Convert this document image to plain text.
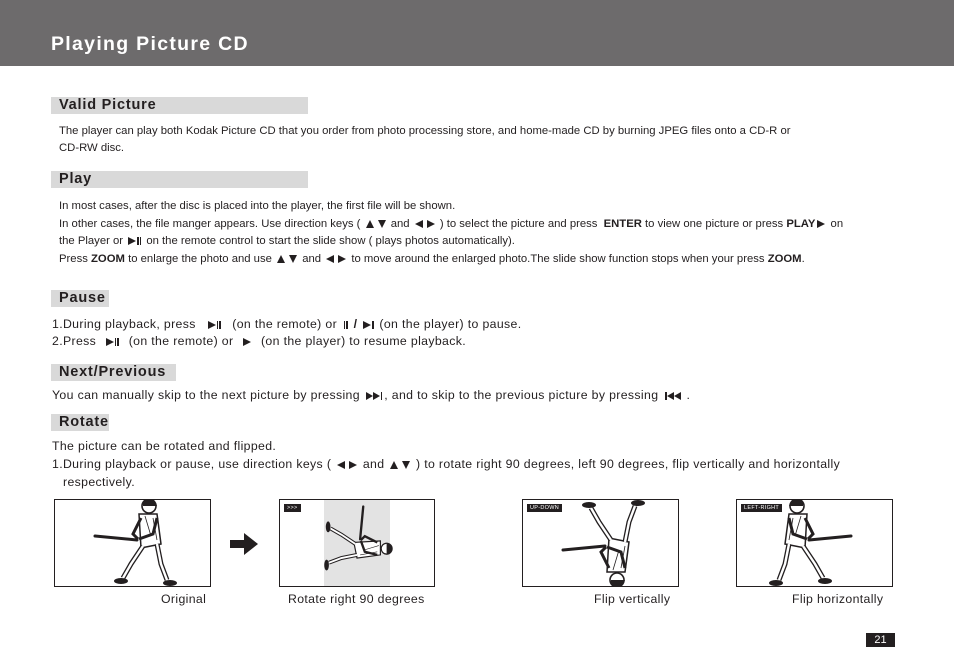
Playing Picture CD
Valid Picture
The player can play both Kodak Picture CD that you order from photo processing store, and home-made CD by burning JPEG files onto a CD-R or
CD-RW disc.
Play
In most cases, after the disc is placed into the player, the first file will be shown.
In other cases, the file manger appears. Use direction keys (	and	) to select the picture and press ENTER to view one picture or press PLAY on
the Player or on the remote control to start the slide show ( plays photos automatically).
Press ZOOM to enlarge the photo and use	and	to move around the enlarged photo.The slide show function stops when your press ZOOM.
Pause
1.During playback, press	(on the remote) or / (on the player) to pause.
2.Press	(on the remote) or (on the player) to resume playback.
Next/Previous
You can manually skip to the next picture by pressing , and to skip to the previous picture by pressing .
Rotate
The picture can be rotated and flipped.
1.During playback or pause, use direction keys (	and	) to rotate right 90 degrees, left 90 degrees, flip vertically and horizontally
respectively.
>>>	UP-DOWN	LEFT-RIGHT
Original	Rotate right 90 degrees	Flip vertically	Flip horizontally
21
